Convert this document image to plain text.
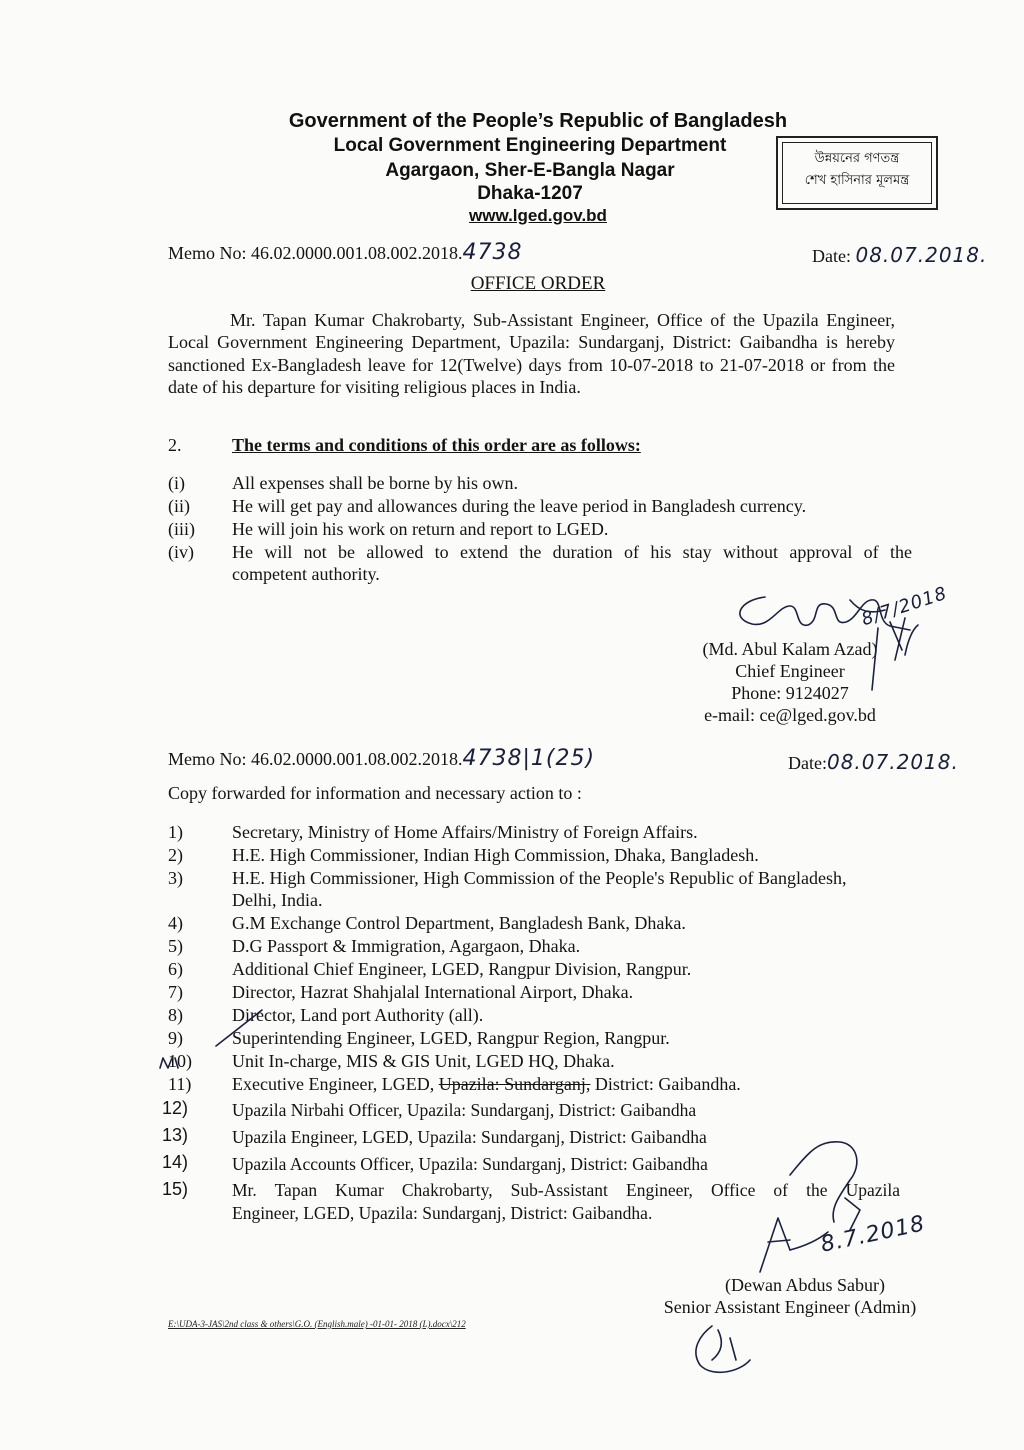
Government of the People’s Republic of Bangladesh
Local Government Engineering Department
Agargaon, Sher-E-Bangla Nagar
Dhaka-1207
www.lged.gov.bd
উন্নয়নের গণতন্ত্র
শেখ হাসিনার মূলমন্ত্র
Memo No: 46.02.0000.001.08.002.2018.4738	Date: 08.07.2018.
OFFICE ORDER
Mr. Tapan Kumar Chakrobarty, Sub-Assistant Engineer, Office of the Upazila Engineer, Local Government Engineering Department, Upazila: Sundarganj, District: Gaibandha is hereby sanctioned Ex-Bangladesh leave for 12(Twelve) days from 10-07-2018 to 21-07-2018 or from the date of his departure for visiting religious places in India.
2.	The terms and conditions of this order are as follows:
(i)	All expenses shall be borne by his own.
(ii) He will get pay and allowances during the leave period in Bangladesh currency.
(iii) He will join his work on return and report to LGED.
(iv) He will not be allowed to extend the duration of his stay without approval of the
competent authority.
(Md. Abul Kalam Azad)
Chief Engineer
Phone: 9124027
e-mail: ce@lged.gov.bd
8/7/2018
Memo No: 46.02.0000.001.08.002.2018.4738|1(25)	Date:08.07.2018.
Copy forwarded for information and necessary action to :
1)	Secretary, Ministry of Home Affairs/Ministry of Foreign Affairs.
2)	H.E. High Commissioner, Indian High Commission, Dhaka, Bangladesh.
3)	H.E. High Commissioner, High Commission of the People's Republic of Bangladesh,
Delhi, India.
4)	G.M Exchange Control Department, Bangladesh Bank, Dhaka.
5)	D.G Passport & Immigration, Agargaon, Dhaka.
6)	Additional Chief Engineer, LGED, Rangpur Division, Rangpur.
7)	Director, Hazrat Shahjalal International Airport, Dhaka.
8)	Director, Land port Authority (all).
9)	Superintending Engineer, LGED, Rangpur Region, Rangpur.
10) Unit In-charge, MIS & GIS Unit, LGED HQ, Dhaka.
11) Executive Engineer, LGED, Upazila: Sundarganj, District: Gaibandha.
12)	Upazila Nirbahi Officer, Upazila: Sundarganj, District: Gaibandha
13)	Upazila Engineer, LGED, Upazila: Sundarganj, District: Gaibandha
14)	Upazila Accounts Officer, Upazila: Sundarganj, District: Gaibandha
15)	Mr. Tapan Kumar Chakrobarty, Sub-Assistant Engineer, Office of the Upazila
Engineer, LGED, Upazila: Sundarganj, District: Gaibandha.
(Dewan Abdus Sabur)
Senior Assistant Engineer (Admin)
8.7.2018
E:\UDA-3-JAS\2nd class & others\G.O. (English.male) -01-01- 2018 (L).docx\212
